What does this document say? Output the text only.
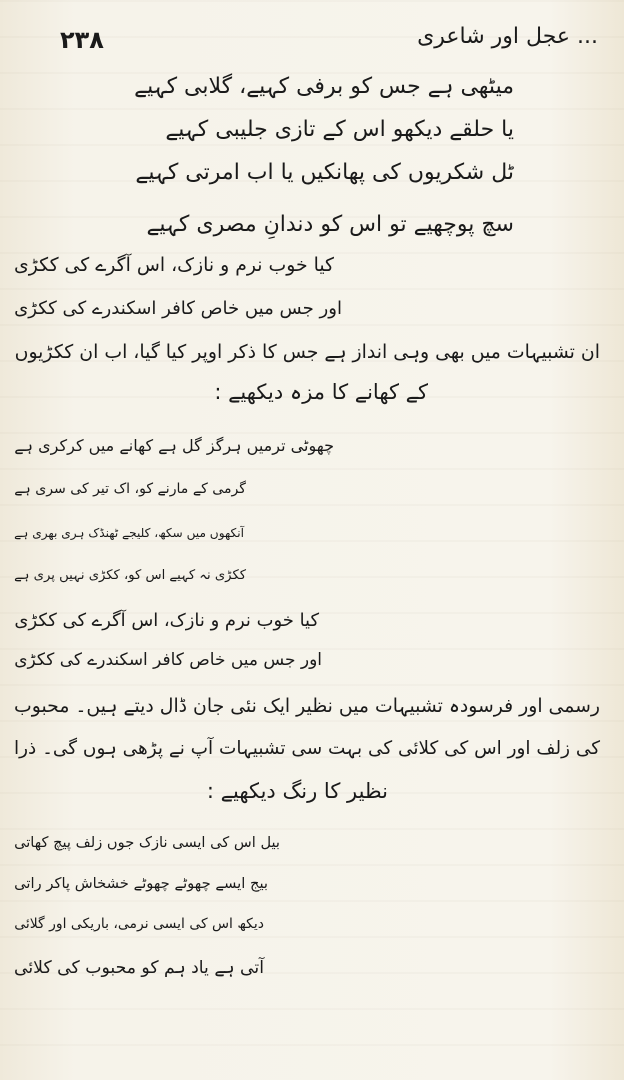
۲۳۸	... عجل اور شاعری
میٹھی ہے جس کو برفی کہیے، گلابی کہیے
یا حلقے دیکھو اس کے تازی جلیبی کہیے
ٹل شکریوں کی پھانکیں یا اب امرتی کہیے
سچ پوچھیے تو اس کو دندانِ مصری کہیے
کیا خوب نرم و نازک، اس آگرے کی ککڑی
اور جس میں خاص کافر اسکندرے کی ککڑی
ان تشبیہات میں بھی وہی انداز ہے جس کا ذکر اوپر کیا گیا، اب ان ککڑیوں
کے کھانے کا مزہ دیکھیے :
چھوٹی ترمیں ہرگز گل ہے کھانے میں کرکری ہے
گرمی کے مارنے کو، اک تیر کی سری ہے
آنکھوں میں سکھ، کلیجے ٹھنڈک ہری بھری ہے
ککڑی نہ کہیے اس کو، ککڑی نہیں پری ہے
کیا خوب نرم و نازک، اس آگرے کی ککڑی
اور جس میں خاص کافر اسکندرے کی ککڑی
رسمی اور فرسودہ تشبیہات میں نظیر ایک نئی جان ڈال دیتے ہیں۔ محبوب
کی زلف اور اس کی کلائی کی بہت سی تشبیہات آپ نے پڑھی ہوں گی۔ ذرا
نظیر کا رنگ دیکھیے :
بیل اس کی ایسی نازک جوں زلف پیچ کھاتی
بیج ایسے چھوٹے چھوٹے خشخاش پاکر راتی
دیکھ اس کی ایسی نرمی، باریکی اور گلائی
آتی ہے یاد ہم کو محبوب کی کلائی
